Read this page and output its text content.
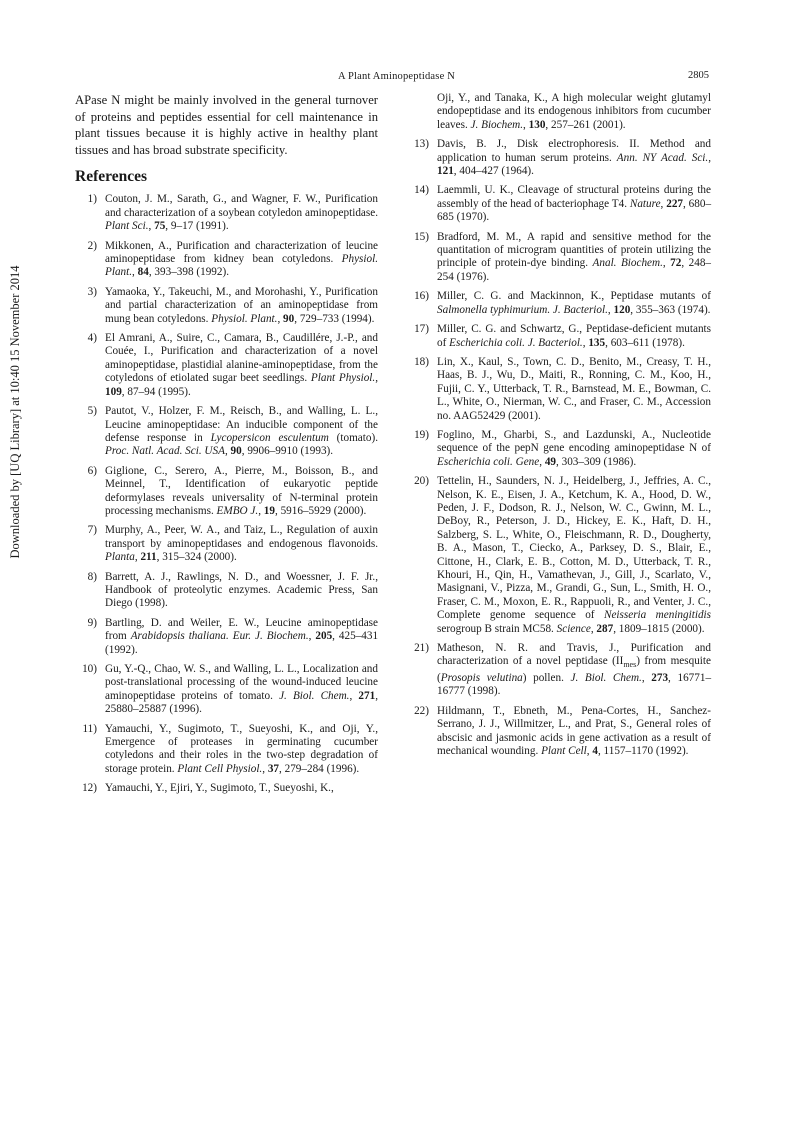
A Plant Aminopeptidase N	2805
Downloaded by [UQ Library] at 10:40 15 November 2014

APase N might be mainly involved in the general turnover of proteins and peptides essential for cell maintenance in plant tissues because it is highly active in healthy plant tissues and has broad substrate specificity.

References
1) Couton, J. M., Sarath, G., and Wagner, F. W., Purification and characterization of a soybean cotyledon aminopeptidase. Plant Sci., 75, 9–17 (1991).
2) Mikkonen, A., Purification and characterization of leucine aminopeptidase from kidney bean cotyledons. Physiol. Plant., 84, 393–398 (1992).
3) Yamaoka, Y., Takeuchi, M., and Morohashi, Y., Purification and partial characterization of an aminopeptidase from mung bean cotyledons. Physiol. Plant., 90, 729–733 (1994).
4) El Amrani, A., Suire, C., Camara, B., Caudillére, J.-P., and Couée, I., Purification and characterization of a novel aminopeptidase, plastidial alanine-aminopeptidase, from the cotyledons of etiolated sugar beet seedlings. Plant Physiol., 109, 87–94 (1995).
5) Pautot, V., Holzer, F. M., Reisch, B., and Walling, L. L., Leucine aminopeptidase: An inducible component of the defense response in Lycopersicon esculentum (tomato). Proc. Natl. Acad. Sci. USA, 90, 9906–9910 (1993).
6) Giglione, C., Serero, A., Pierre, M., Boisson, B., and Meinnel, T., Identification of eukaryotic peptide deformylases reveals universality of N-terminal protein processing mechanisms. EMBO J., 19, 5916–5929 (2000).
7) Murphy, A., Peer, W. A., and Taiz, L., Regulation of auxin transport by aminopeptidases and endogenous flavonoids. Planta, 211, 315–324 (2000).
8) Barrett, A. J., Rawlings, N. D., and Woessner, J. F. Jr., Handbook of proteolytic enzymes. Academic Press, San Diego (1998).
9) Bartling, D. and Weiler, E. W., Leucine aminopeptidase from Arabidopsis thaliana. Eur. J. Biochem., 205, 425–431 (1992).
10) Gu, Y.-Q., Chao, W. S., and Walling, L. L., Localization and post-translational processing of the wound-induced leucine aminopeptidase proteins of tomato. J. Biol. Chem., 271, 25880–25887 (1996).
11) Yamauchi, Y., Sugimoto, T., Sueyoshi, K., and Oji, Y., Emergence of proteases in germinating cucumber cotyledons and their roles in the two-step degradation of storage protein. Plant Cell Physiol., 37, 279–284 (1996).
12) Yamauchi, Y., Ejiri, Y., Sugimoto, T., Sueyoshi, K.,
Oji, Y., and Tanaka, K., A high molecular weight glutamyl endopeptidase and its endogenous inhibitors from cucumber leaves. J. Biochem., 130, 257–261 (2001).
13) Davis, B. J., Disk electrophoresis. II. Method and application to human serum proteins. Ann. NY Acad. Sci., 121, 404–427 (1964).
14) Laemmli, U. K., Cleavage of structural proteins during the assembly of the head of bacteriophage T4. Nature, 227, 680–685 (1970).
15) Bradford, M. M., A rapid and sensitive method for the quantitation of microgram quantities of protein utilizing the principle of protein-dye binding. Anal. Biochem., 72, 248–254 (1976).
16) Miller, C. G. and Mackinnon, K., Peptidase mutants of Salmonella typhimurium. J. Bacteriol., 120, 355–363 (1974).
17) Miller, C. G. and Schwartz, G., Peptidase-deficient mutants of Escherichia coli. J. Bacteriol., 135, 603–611 (1978).
18) Lin, X., Kaul, S., Town, C. D., Benito, M., Creasy, T. H., Haas, B. J., Wu, D., Maiti, R., Ronning, C. M., Koo, H., Fujii, C. Y., Utterback, T. R., Barnstead, M. E., Bowman, C. L., White, O., Nierman, W. C., and Fraser, C. M., Accession no. AAG52429 (2001).
19) Foglino, M., Gharbi, S., and Lazdunski, A., Nucleotide sequence of the pepN gene encoding aminopeptidase N of Escherichia coli. Gene, 49, 303–309 (1986).
20) Tettelin, H., Saunders, N. J., Heidelberg, J., Jeffries, A. C., Nelson, K. E., Eisen, J. A., Ketchum, K. A., Hood, D. W., Peden, J. F., Dodson, R. J., Nelson, W. C., Gwinn, M. L., DeBoy, R., Peterson, J. D., Hickey, E. K., Haft, D. H., Salzberg, S. L., White, O., Fleischmann, R. D., Dougherty, B. A., Mason, T., Ciecko, A., Parksey, D. S., Blair, E., Cittone, H., Clark, E. B., Cotton, M. D., Utterback, T. R., Khouri, H., Qin, H., Vamathevan, J., Gill, J., Scarlato, V., Masignani, V., Pizza, M., Grandi, G., Sun, L., Smith, H. O., Fraser, C. M., Moxon, E. R., Rappuoli, R., and Venter, J. C., Complete genome sequence of Neisseria meningitidis serogroup B strain MC58. Science, 287, 1809–1815 (2000).
21) Matheson, N. R. and Travis, J., Purification and characterization of a novel peptidase $(II_{mes})$ from mesquite (Prosopis velutina) pollen. J. Biol. Chem., 273, 16771–16777 (1998).
22) Hildmann, T., Ebneth, M., Pena-Cortes, H., Sanchez-Serrano, J. J., Willmitzer, L., and Prat, S., General roles of abscisic and jasmonic acids in gene activation as a result of mechanical wounding. Plant Cell, 4, 1157–1170 (1992).
